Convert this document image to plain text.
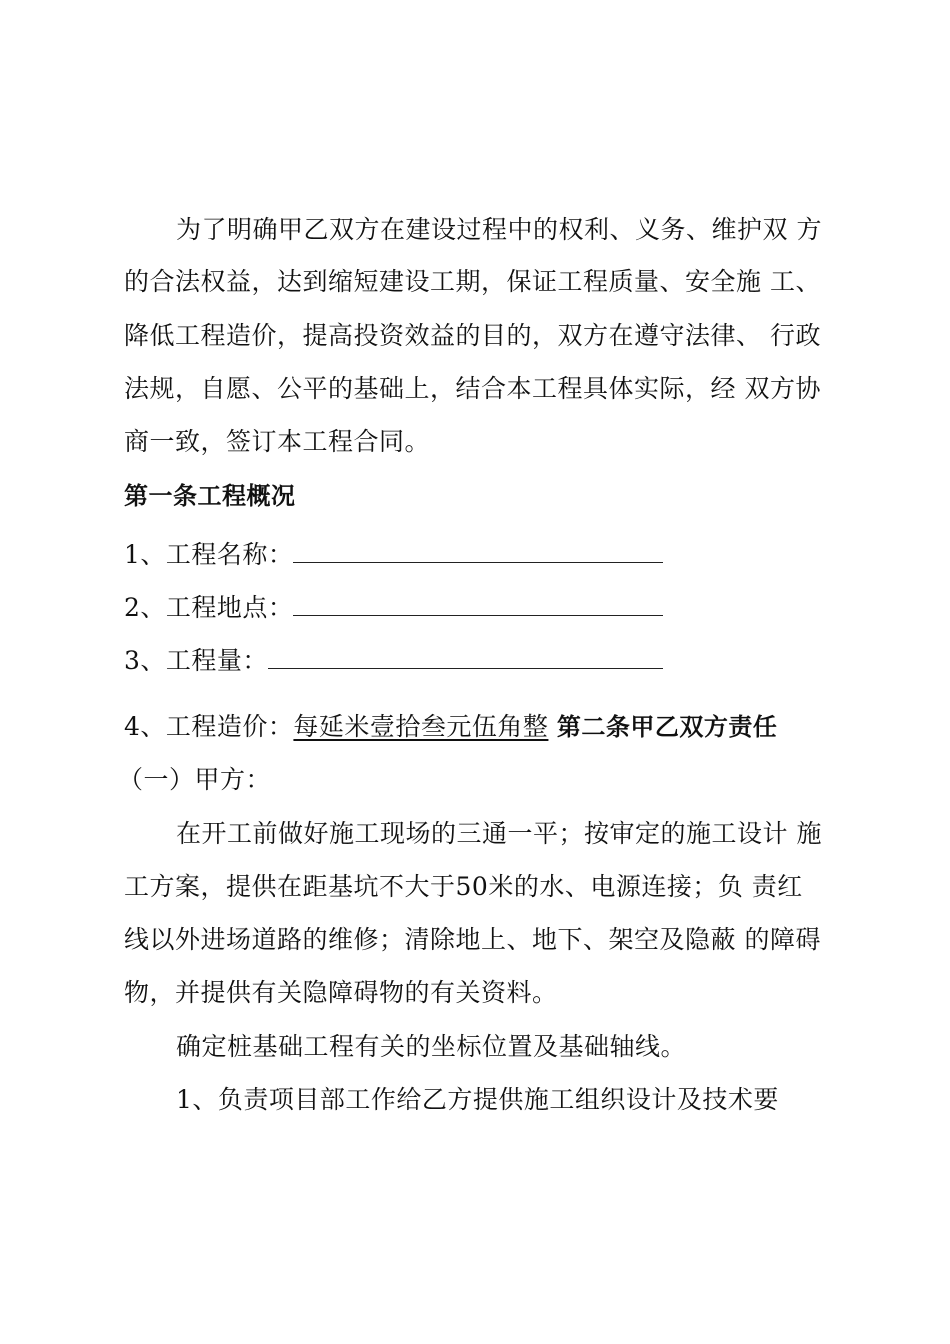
为了明确甲乙双方在建设过程中的权利、义务、维护双 方
的合法权益，达到缩短建设工期，保证工程质量、安全施 工、
降低工程造价，提高投资效益的目的，双方在遵守法律、 行政
法规，自愿、公平的基础上，结合本工程具体实际，经 双方协
商一致，签订本工程合同。
第一条工程概况
1、工程名称：
2、工程地点：
3、工程量：
4、工程造价：每延米壹拾叁元伍角整 第二条甲乙双方责任
（一）甲方：
在开工前做好施工现场的三通一平；按审定的施工设计 施
工方案，提供在距基坑不大于50米的水、电源连接；负 责红
线以外进场道路的维修；清除地上、地下、架空及隐蔽 的障碍
物，并提供有关隐障碍物的有关资料。
确定桩基础工程有关的坐标位置及基础轴线。
1、负责项目部工作给乙方提供施工组织设计及技术要
